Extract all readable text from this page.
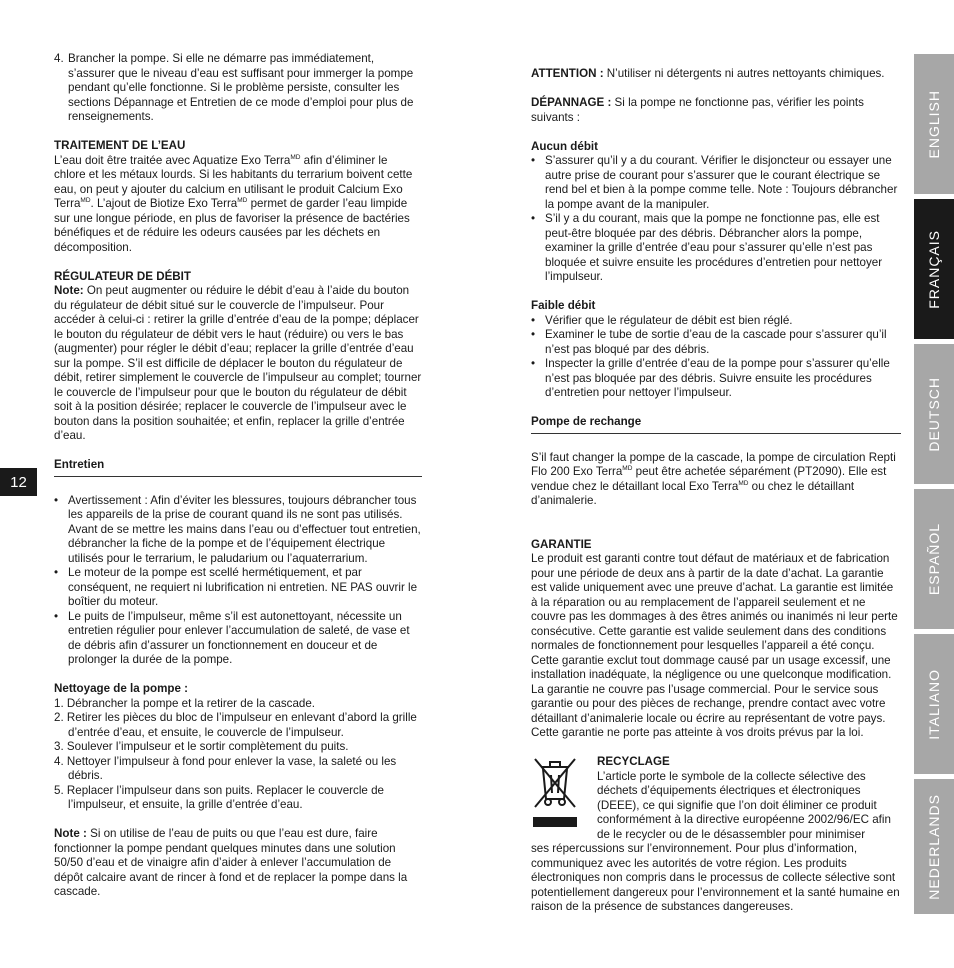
12
ENGLISH
FRANÇAIS
DEUTSCH
ESPAÑOL
ITALIANO
NEDERLANDS
4. Brancher la pompe. Si elle ne démarre pas immédiatement, s’assurer que le niveau d’eau est suffisant pour immerger la pompe pendant qu’elle fonctionne. Si le problème persiste, consulter les sections Dépannage et Entretien de ce mode d’emploi pour plus de renseignements.

TRAITEMENT DE L’EAU

L’eau doit être traitée avec Aquatize Exo Terra$^{MD}$ afin d’éliminer le chlore et les métaux lourds. Si les habitants du terrarium boivent cette eau, on peut y ajouter du calcium en utilisant le produit Calcium Exo Terra$^{MD}$. L’ajout de Biotize Exo Terra$^{MD}$ permet de garder l’eau limpide sur une longue période, en plus de favoriser la présence de bactéries bénéfiques et de réduire les odeurs causées par les déchets en décomposition.

RÉGULATEUR DE DÉBIT

Note: On peut augmenter ou réduire le débit d’eau à l’aide du bouton du régulateur de débit situé sur le couvercle de l’impulseur. Pour accéder à celui-ci : retirer la grille d’entrée d’eau de la pompe; déplacer le bouton du régulateur de débit vers le haut (réduire) ou vers le bas (augmenter) pour régler le débit d’eau; replacer la grille d’entrée d’eau sur la pompe. S’il est difficile de déplacer le bouton du régulateur de débit, retirer simplement le couvercle de l’impulseur au complet; tourner le couvercle de l’impulseur pour que le bouton du régulateur de débit soit à la position désirée; replacer le couvercle de l’impulseur avec le bouton dans la position souhaitée; et enfin, replacer la grille d’entrée d’eau.

Entretien

• Avertissement : Afin d’éviter les blessures, toujours débrancher tous les appareils de la prise de courant quand ils ne sont pas utilisés. Avant de se mettre les mains dans l’eau ou d’effectuer tout entretien, débrancher la fiche de la pompe et de l’équipement électrique utilisés pour le terrarium, le paludarium ou l’aquaterrarium.
• Le moteur de la pompe est scellé hermétiquement, et par conséquent, ne requiert ni lubrification ni entretien. NE PAS ouvrir le boîtier du moteur.
• Le puits de l’impulseur, même s’il est autonettoyant, nécessite un entretien régulier pour enlever l’accumulation de saleté, de vase et de débris afin d’assurer un fonctionnement en douceur et de prolonger la durée de la pompe.

Nettoyage de la pompe :

1. Débrancher la pompe et la retirer de la cascade.
2. Retirer les pièces du bloc de l’impulseur en enlevant d’abord la grille d’entrée d’eau, et ensuite, le couvercle de l’impulseur.
3. Soulever l’impulseur et le sortir complètement du puits.
4. Nettoyer l’impulseur à fond pour enlever la vase, la saleté ou les débris.
5. Replacer l’impulseur dans son puits. Replacer le couvercle de l’impulseur, et ensuite, la grille d’entrée d’eau.

Note : Si on utilise de l’eau de puits ou que l’eau est dure, faire fonctionner la pompe pendant quelques minutes dans une solution 50/50 d’eau et de vinaigre afin d’aider à enlever l’accumulation de dépôt calcaire avant de rincer à fond et de replacer la pompe dans la cascade.

ATTENTION : N’utiliser ni détergents ni autres nettoyants chimiques.

DÉPANNAGE : Si la pompe ne fonctionne pas, vérifier les points suivants :

Aucun débit

• S’assurer qu’il y a du courant. Vérifier le disjoncteur ou essayer une autre prise de courant pour s’assurer que le courant électrique se rend bel et bien à la pompe comme telle. Note : Toujours débrancher la pompe avant de la manipuler.
• S’il y a du courant, mais que la pompe ne fonctionne pas, elle est peut-être bloquée par des débris. Débrancher alors la pompe, examiner la grille d’entrée d’eau pour s’assurer qu’elle n’est pas bloquée et suivre ensuite les procédures d’entretien pour nettoyer l’impulseur.

Faible débit

• Vérifier que le régulateur de débit est bien réglé.
• Examiner le tube de sortie d’eau de la cascade pour s’assurer qu’il n’est pas bloqué par des débris.
• Inspecter la grille d’entrée d’eau de la pompe pour s’assurer qu’elle n’est pas bloquée par des débris. Suivre ensuite les procédures d’entretien pour nettoyer l’impulseur.

Pompe de rechange

S’il faut changer la pompe de la cascade, la pompe de circulation Repti Flo 200 Exo Terra$^{MD}$ peut être achetée séparément (PT2090). Elle est vendue chez le détaillant local Exo Terra$^{MD}$ ou chez le détaillant d’animalerie.

GARANTIE

Le produit est garanti contre tout défaut de matériaux et de fabrication pour une période de deux ans à partir de la date d’achat. La garantie est valide uniquement avec une preuve d’achat. La garantie est limitée à la réparation ou au remplacement de l’appareil seulement et ne couvre pas les dommages à des êtres animés ou inanimés ni leur perte consécutive. Cette garantie est valide seulement dans des conditions normales de fonctionnement pour lesquelles l’appareil a été conçu. Cette garantie exclut tout dommage causé par un usage excessif, une installation inadéquate, la négligence ou une quelconque modification. La garantie ne couvre pas l’usage commercial. Pour le service sous garantie ou pour des pièces de rechange, prendre contact avec votre détaillant d’animalerie locale ou écrire au représentant de votre pays. Cette garantie ne porte pas atteinte à vos droits prévus par la loi.

RECYCLAGE

L’article porte le symbole de la collecte sélective des déchets d’équipements électriques et électroniques (DEEE), ce qui signifie que l’on doit éliminer ce produit conformément à la directive européenne 2002/96/EC afin de le recycler ou de le désassembler pour minimiser

ses répercussions sur l’environnement. Pour plus d’information, communiquez avec les autorités de votre région. Les produits électroniques non compris dans le processus de collecte sélective sont potentiellement dangereux pour l’environnement et la santé humaine en raison de la présence de substances dangereuses.
